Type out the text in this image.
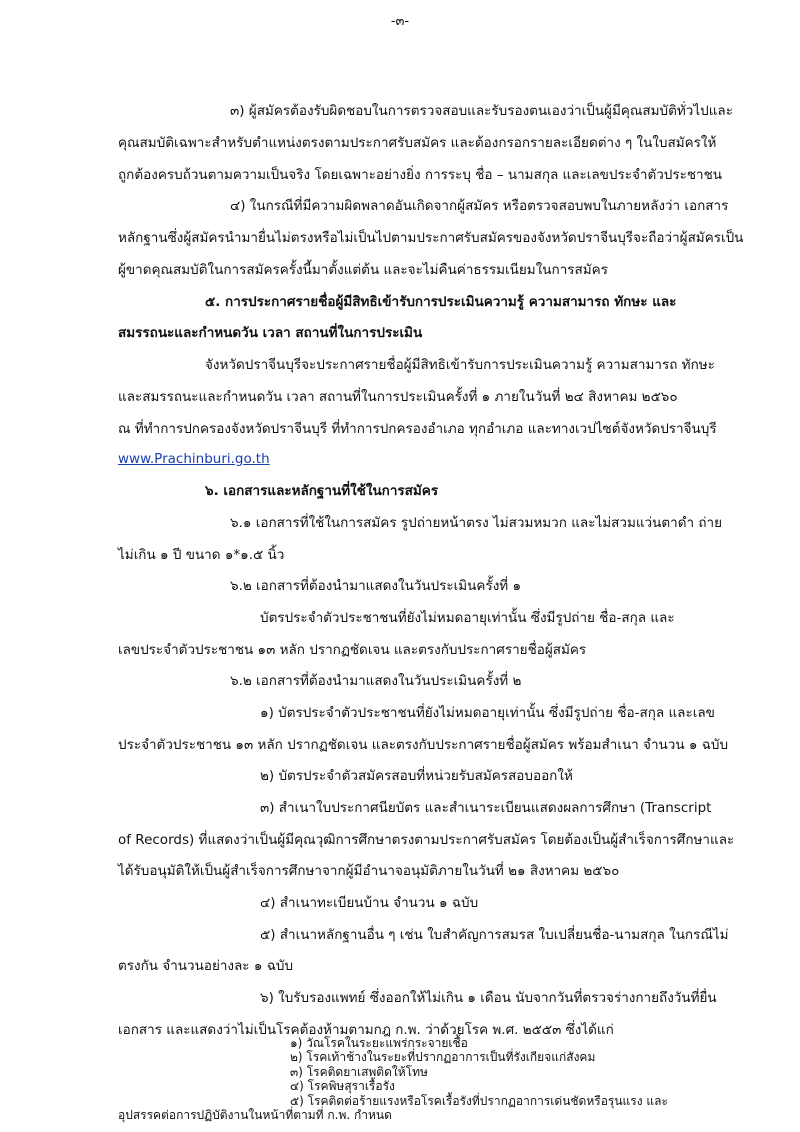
-๓-
๓) ผู้สมัครต้องรับผิดชอบในการตรวจสอบและรับรองตนเองว่าเป็นผู้มีคุณสมบัติทั่วไปและ
คุณสมบัติเฉพาะสำหรับตำแหน่งตรงตามประกาศรับสมัคร และต้องกรอกรายละเอียดต่าง ๆ ในใบสมัครให้
ถูกต้องครบถ้วนตามความเป็นจริง โดยเฉพาะอย่างยิ่ง การระบุ ชื่อ – นามสกุล และเลขประจำตัวประชาชน
๔) ในกรณีที่มีความผิดพลาดอันเกิดจากผู้สมัคร หรือตรวจสอบพบในภายหลังว่า เอกสาร
หลักฐานซึ่งผู้สมัครนำมายื่นไม่ตรงหรือไม่เป็นไปตามประกาศรับสมัครของจังหวัดปราจีนบุรีจะถือว่าผู้สมัครเป็น
ผู้ขาดคุณสมบัติในการสมัครครั้งนี้มาตั้งแต่ต้น และจะไม่คืนค่าธรรมเนียมในการสมัคร
๕. การประกาศรายชื่อผู้มีสิทธิเข้ารับการประเมินความรู้ ความสามารถ ทักษะ และ
สมรรถนะและกำหนดวัน เวลา สถานที่ในการประเมิน
จังหวัดปราจีนบุรีจะประกาศรายชื่อผู้มีสิทธิเข้ารับการประเมินความรู้ ความสามารถ ทักษะ
และสมรรถนะและกำหนดวัน เวลา สถานที่ในการประเมินครั้งที่ ๑ ภายในวันที่ ๒๔ สิงหาคม ๒๕๖๐
ณ ที่ทำการปกครองจังหวัดปราจีนบุรี ที่ทำการปกครองอำเภอ ทุกอำเภอ และทางเวปไซต์จังหวัดปราจีนบุรี
www.Prachinburi.go.th
๖. เอกสารและหลักฐานที่ใช้ในการสมัคร
๖.๑ เอกสารที่ใช้ในการสมัคร รูปถ่ายหน้าตรง ไม่สวมหมวก และไม่สวมแว่นตาดำ ถ่าย
ไม่เกิน ๑ ปี ขนาด ๑*๑.๕ นิ้ว
๖.๒ เอกสารที่ต้องนำมาแสดงในวันประเมินครั้งที่ ๑
บัตรประจำตัวประชาชนที่ยังไม่หมดอายุเท่านั้น ซึ่งมีรูปถ่าย ชื่อ-สกุล และ
เลขประจำตัวประชาชน ๑๓ หลัก ปรากฏชัดเจน และตรงกับประกาศรายชื่อผู้สมัคร
๖.๒ เอกสารที่ต้องนำมาแสดงในวันประเมินครั้งที่ ๒
๑) บัตรประจำตัวประชาชนที่ยังไม่หมดอายุเท่านั้น ซึ่งมีรูปถ่าย ชื่อ-สกุล และเลข
ประจำตัวประชาชน ๑๓ หลัก ปรากฏชัดเจน และตรงกับประกาศรายชื่อผู้สมัคร พร้อมสำเนา จำนวน ๑ ฉบับ
๒) บัตรประจำตัวสมัครสอบที่หน่วยรับสมัครสอบออกให้
๓) สำเนาใบประกาศนียบัตร และสำเนาระเบียนแสดงผลการศึกษา (Transcript
of Records) ที่แสดงว่าเป็นผู้มีคุณวุฒิการศึกษาตรงตามประกาศรับสมัคร โดยต้องเป็นผู้สำเร็จการศึกษาและ
ได้รับอนุมัติให้เป็นผู้สำเร็จการศึกษาจากผู้มีอำนาจอนุมัติภายในวันที่ ๒๑ สิงหาคม ๒๕๖๐
๔) สำเนาทะเบียนบ้าน จำนวน ๑ ฉบับ
๕) สำเนาหลักฐานอื่น ๆ เช่น ใบสำคัญการสมรส ใบเปลี่ยนชื่อ-นามสกุล ในกรณีไม่
ตรงกัน จำนวนอย่างละ ๑ ฉบับ
๖) ใบรับรองแพทย์ ซึ่งออกให้ไม่เกิน ๑ เดือน นับจากวันที่ตรวจร่างกายถึงวันที่ยื่น
เอกสาร และแสดงว่าไม่เป็นโรคต้องห้ามตามกฎ ก.พ. ว่าด้วยโรค พ.ศ. ๒๕๕๓ ซึ่งได้แก่
๑) วัณโรคในระยะแพร่กระจายเชื้อ
๒) โรคเท้าช้างในระยะที่ปรากฏอาการเป็นที่รังเกียจแก่สังคม
๓) โรคติดยาเสพติดให้โทษ
๔) โรคพิษสุราเรื้อรัง
๕) โรคติดต่อร้ายแรงหรือโรคเรื้อรังที่ปรากฏอาการเด่นชัดหรือรุนแรง และ
อุปสรรคต่อการปฏิบัติงานในหน้าที่ตามที่ ก.พ. กำหนด
